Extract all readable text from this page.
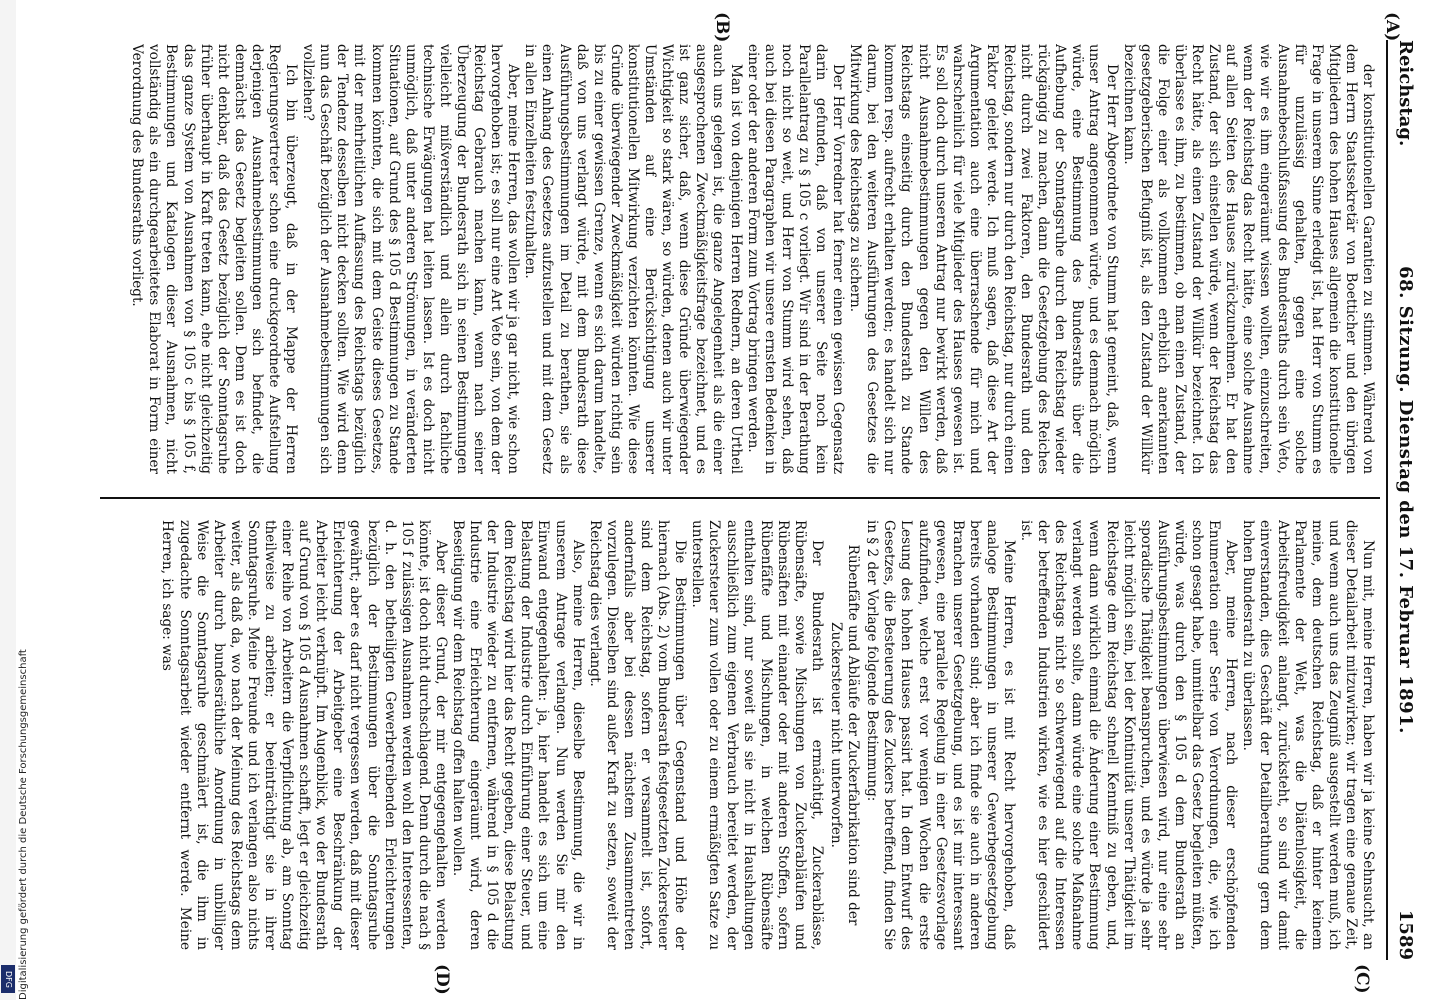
Reichstag.
68. Sitzung. Dienstag den 17. Februar 1891.
1589
(A)
(B)
(C)
(D)

der konstitutionellen Garantien zu stimmen. Während von dem Herrn Staatssekretär von Boetticher und den übrigen Mitgliedern des hohen Hauses allgemein die konstitutionelle Frage in unserem Sinne erledigt ist, hat Herr von Stumm es für unzulässig gehalten, gegen eine solche Ausnahmebeschlußfassung des Bundesraths durch sein Veto, wie wir es ihm eingeräumt wissen wollten, einzuschreiten, wenn der Reichstag das Recht hätte, eine solche Ausnahme auf allen Seiten des Hauses zurückzunehmen. Er hat den Zustand, der sich einstellen würde, wenn der Reichstag das Recht hätte, als einen Zustand der Willkür bezeichnet. Ich überlasse es ihm, zu bestimmen, ob man einen Zustand, der die Folge einer als vollkommen erheblich anerkannten gesetzgeberischen Befugniß ist, als den Zustand der Willkür bezeichnen kann.

Der Herr Abgeordnete von Stumm hat gemeint, daß, wenn unser Antrag angenommen würde, und es demnach möglich würde, eine Bestimmung des Bundesraths über die Aufhebung der Sonntagsruhe durch den Reichstag wieder rückgängig zu machen, dann die Gesetzgebung des Reiches nicht durch zwei Faktoren, den Bundesrath und den Reichstag, sondern nur durch den Reichstag, nur durch einen Faktor geleitet werde. Ich muß sagen, daß diese Art der Argumentation auch eine überraschende für mich und wahrscheinlich für viele Mitglieder des Hauses gewesen ist. Es soll doch durch unseren Antrag nur bewirkt werden, daß nicht Ausnahmebestimmungen gegen den Willen des Reichstags einseitig durch den Bundesrath zu Stande kommen resp. aufrecht erhalten werden; es handelt sich nur darum, bei den weiteren Ausführungen des Gesetzes die Mitwirkung des Reichstags zu sichern.

Der Herr Vorredner hat ferner einen gewissen Gegensatz darin gefunden, daß von unserer Seite noch kein Parallelantrag zu § 105 c vorliegt. Wir sind in der Berathung noch nicht so weit, und Herr von Stumm wird sehen, daß auch bei diesen Paragraphen wir unsere ernsten Bedenken in einer oder der anderen Form zum Vortrag bringen werden.

Man ist von denjenigen Herren Rednern, an deren Urtheil auch uns gelegen ist, die ganze Angelegenheit als die einer ausgesprochenen Zweckmäßigkeitsfrage bezeichnet, und es ist ganz sicher, daß, wenn diese Gründe überwiegender Wichtigkeit so stark wären, so würden, denen auch wir unter Umständen auf eine Berücksichtigung unserer konstitutionellen Mitwirkung verzichten könnten. Wie diese Gründe überwiegender Zweckmäßigkeit würden richtig sein bis zu einer gewissen Grenze, wenn es sich darum handelte, daß von uns verlangt würde, mit dem Bundesrath diese Ausführungsbestimmungen im Detail zu berathen, sie als einen Anhang des Gesetzes aufzustellen und mit dem Gesetz in allen Einzelheiten festzuhalten.

Aber, meine Herren, das wollen wir ja gar nicht, wie schon hervorgehoben ist; es soll nur eine Art Veto sein, von dem der Reichstag Gebrauch machen kann, wenn nach seiner Überzeugung der Bundesrath sich in seinen Bestimmungen vielleicht mißverständlich und allein durch fachliche technische Erwägungen hat leiten lassen. Ist es doch nicht unmöglich, daß unter anderen Strömungen, in veränderten Situationen, auf Grund des § 105 d Bestimmungen zu Stande kommen könnten, die sich mit dem Geiste dieses Gesetzes, mit der mehrheitlichen Auffassung des Reichstags bezüglich der Tendenz desselben nicht decken sollten. Wie wird denn nun das Geschäft bezüglich der Ausnahmebestimmungen sich vollziehen?

Ich bin überzeugt, daß in der Mappe der Herren Regierungsvertreter schon eine druckgeordnete Aufstellung derjenigen Ausnahmebestimmungen sich befindet, die demnächst das Gesetz begleiten sollen. Denn es ist doch nicht denkbar, daß das Gesetz bezüglich der Sonntagsruhe früher überhaupt in Kraft treten kann, ehe nicht gleichzeitig das ganze System von Ausnahmen von § 105 c bis § 105 f, Bestimmungen und Katalogen dieser Ausnahmen, nicht vollständig als ein durchgearbeitetes Elaborat in Form einer Verordnung des Bundesraths vorliegt.

Nun mit, meine Herren, haben wir ja keine Sehnsucht, an dieser Detailarbeit mitzuwirken; wir tragen eine genaue Zeit, und wenn auch uns das Zeugniß ausgestellt werden muß, ich meine, dem deutschen Reichstag, daß er hinter keinem Parlamente der Welt, was die Diätenlosigkeit, die Arbeitsfreudigkeit anlangt, zurücksteht, so sind wir damit einverstanden, dies Geschäft der Detailberathung gern dem hohen Bundesrath zu überlassen.

Aber, meine Herren, nach dieser erschöpfenden Enumeration einer Serie von Verordnungen, die, wie ich schon gesagt habe, unmittelbar das Gesetz begleiten müßten, würde, was durch den § 105 d dem Bundesrath an Ausführungsbestimmungen überwiesen wird, nur eine sehr sporadische Thätigkeit beanspruchen, und es würde ja sehr leicht möglich sein, bei der Kontinuität unserer Thätigkeit im Reichstage dem Reichstag schnell Kenntniß zu geben, und, wenn dann wirklich einmal die Änderung einer Bestimmung verlangt werden sollte, dann würde eine solche Maßnahme des Reichstags nicht so schwerwiegend auf die Interessen der betreffenden Industrien wirken, wie es hier geschildert ist.

Meine Herren, es ist mit Recht hervorgehoben, daß analoge Bestimmungen in unserer Gewerbegesetzgebung bereits vorhanden sind; aber ich finde sie auch in anderen Branchen unserer Gesetzgebung, und es ist mir interessant gewesen, eine parallele Regelung in einer Gesetzesvorlage aufzufinden, welche erst vor wenigen Wochen die erste Lesung des hohen Hauses passirt hat. In dem Entwurf des Gesetzes, die Besteuerung des Zuckers betreffend, finden Sie in § 2 der Vorlage folgende Bestimmung:

Rübenfäfte und Abläufe der Zuckerfabrikation sind der Zuckersteuer nicht unterworfen.

Der Bundesrath ist ermächtigt, Zuckerablässe, Rübensäfte, sowie Mischungen von Zuckerabläufen und Rübensäften mit einander oder mit anderen Stoffen, sofern Rübenfäfte und Mischungen, in welchen Rübensäfte enthalten sind, nur soweit als sie nicht in Haushaltungen ausschließlich zum eigenen Verbrauch bereitet werden, der Zuckersteuer zum vollen oder zu einem ermäßigten Satze zu unterstellen.

Die Bestimmungen über Gegenstand und Höhe der hiernach (Abs. 2) vom Bundesrath festgesetzten Zuckersteuer sind dem Reichstag, sofern er versammelt ist, sofort, andernfalls aber bei dessen nächstem Zusammentreten vorzulegen. Dieselben sind außer Kraft zu setzen, soweit der Reichstag dies verlangt.

Also, meine Herren, dieselbe Bestimmung, die wir in unserem Antrage verlangen. Nun werden Sie mir den Einwand entgegenhalten: ja, hier handelt es sich um eine Belastung der Industrie durch Einführung einer Steuer, und dem Reichstag wird hier das Recht gegeben, diese Belastung der Industrie wieder zu entfernen, während in § 105 d die Industrie eine Erleichterung eingeräumt wird, deren Beseitigung wir dem Reichstag offen halten wollen.

Aber dieser Grund, der mir entgegengehalten werden könnte, ist doch nicht durchschlagend. Denn durch die nach § 105 f zulässigen Ausnahmen werden wohl den Interessenten, d. h. den betheiligten Gewerbetreibenden Erleichterungen bezüglich der Bestimmungen über die Sonntagsruhe gewährt; aber es darf nicht vergessen werden, daß mit dieser Erleichterung der Arbeitgeber eine Beschränkung der Arbeiter leicht verknüpft. Im Augenblick, wo der Bundesrath auf Grund von § 105 d Ausnahmen schafft, legt er gleichzeitig einer Reihe von Arbeitern die Verpflichtung ab, am Sonntag theilweise zu arbeiten; er beeinträchtigt sie in ihrer Sonntagsruhe. Meine Freunde und ich verlangen also nichts weiter, als daß da, wo nach der Meinung des Reichstags dem Arbeiter durch bundesräthliche Anordnung in unbilliger Weise die Sonntagsruhe geschmälert ist, die ihm in zugedachte Sonntagsarbeit wieder entfernt werde. Meine Herren, ich sage: was

Digitalisierung gefördert durch die Deutsche Forschungsgemeinschaft
DFG
